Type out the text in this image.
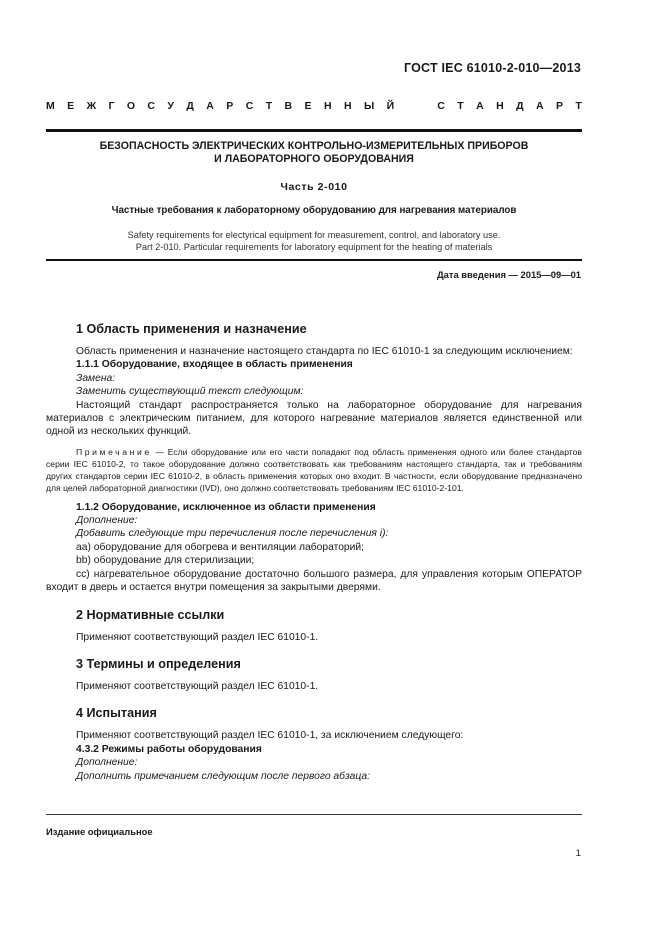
ГОСТ IEC 61010-2-010—2013
М Е Ж Г О С У Д А Р С Т В Е Н Н Ы Й

	С Т А Н Д А Р Т
БЕЗОПАСНОСТЬ ЭЛЕКТРИЧЕСКИХ КОНТРОЛЬНО-ИЗМЕРИТЕЛЬНЫХ ПРИБОРОВ
И ЛАБОРАТОРНОГО ОБОРУДОВАНИЯ
Часть 2-010
Частные требования к лабораторному оборудованию для нагревания материалов
Safety requirements for electyrical equipment for measurement, control, and laboratory use.
Part 2-010. Particular requirements for laboratory equipment for the heating of materials
Дата введения — 2015—09—01

1 Область применения и назначение

Область применения и назначение настоящего стандарта по IEC 61010-1 за следующим исключением:

1.1.1 Оборудование, входящее в область применения

Замена:

Заменить существующий текст следующим:

Настоящий стандарт распространяется только на лабораторное оборудование для нагревания материалов с электрическим питанием, для которого нагревание материалов является единственной или одной из нескольких функций.

Примечание — Если оборудование или его части попадают под область применения одного или более стандартов серии IEC 61010-2, то такое оборудование должно соответствовать как требованиям настоящего стандарта, так и требованиям других стандартов серии IEC 61010-2, в область применения которых оно входит. В частности, если оборудование предназначено для целей лабораторной диагностики (IVD), оно должно соответствовать требованиям IEC 61010-2-101.

1.1.2 Оборудование, исключенное из области применения

Дополнение:

Добавить следующие три перечисления после перечисления i):

аа) оборудование для обогрева и вентиляции лабораторий;

bb) оборудование для стерилизации;

сс) нагревательное оборудование достаточно большого размера, для управления которым ОПЕРАТОР входит в дверь и остается внутри помещения за закрытыми дверями.

2 Нормативные ссылки

Применяют соответствующий раздел IEC 61010-1.

3 Термины и определения

Применяют соответствующий раздел IEC 61010-1.

4 Испытания

Применяют соответствующий раздел IEC 61010-1, за исключением следующего:

4.3.2 Режимы работы оборудования

Дополнение:

Дополнить примечанием следующим после первого абзаца:

Издание официальное
1
